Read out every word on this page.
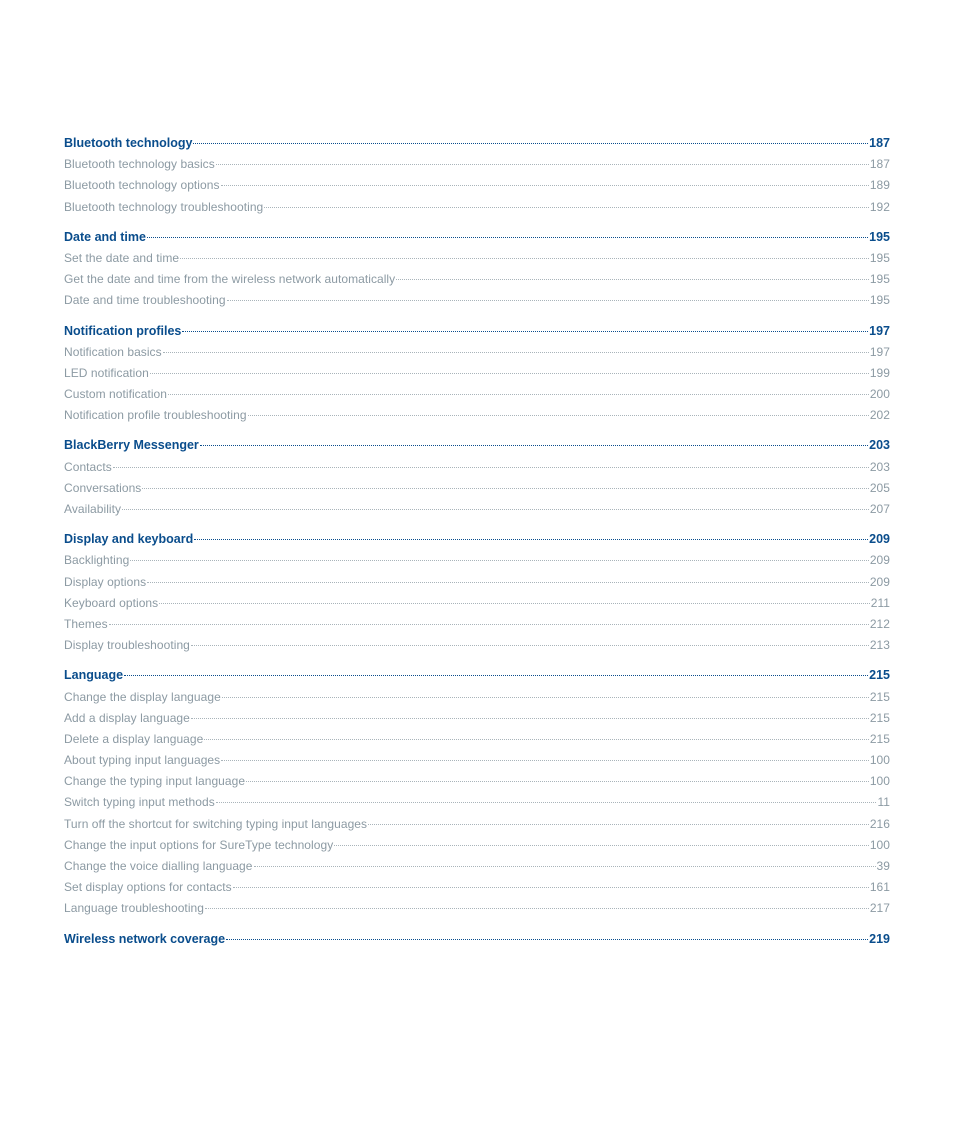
Bluetooth technology	187
Bluetooth technology basics	187
Bluetooth technology options	189
Bluetooth technology troubleshooting	192
Date and time	195
Set the date and time	195
Get the date and time from the wireless network automatically	195
Date and time troubleshooting	195
Notification profiles	197
Notification basics	197
LED notification	199
Custom notification	200
Notification profile troubleshooting	202
BlackBerry Messenger	203
Contacts	203
Conversations	205
Availability	207
Display and keyboard	209
Backlighting	209
Display options	209
Keyboard options	211
Themes	212
Display troubleshooting	213
Language	215
Change the display language	215
Add a display language	215
Delete a display language	215
About typing input languages	100
Change the typing input language	100
Switch typing input methods	11
Turn off the shortcut for switching typing input languages	216
Change the input options for SureType technology	100
Change the voice dialling language	39
Set display options for contacts	161
Language troubleshooting	217
Wireless network coverage	219
